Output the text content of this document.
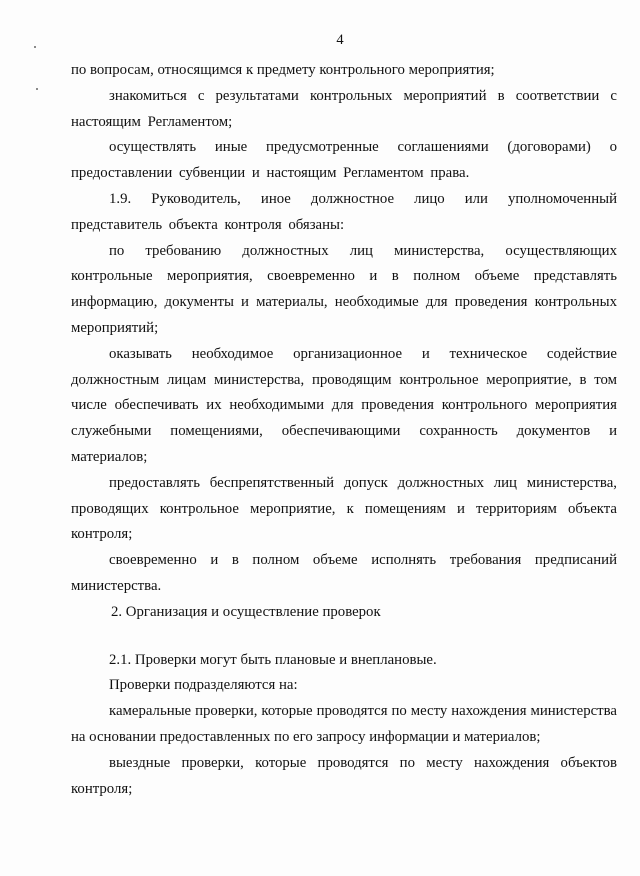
4

по вопросам, относящимся к предмету контрольного мероприятия;

знакомиться с результатами контрольных мероприятий в соответствии с настоящим Регламентом;

осуществлять иные предусмотренные соглашениями (договорами) о предоставлении субвенции и настоящим Регламентом права.

1.9. Руководитель, иное должностное лицо или уполномоченный представитель объекта контроля обязаны:

по требованию должностных лиц министерства, осуществляющих контрольные мероприятия, своевременно и в полном объеме представлять информацию, документы и материалы, необходимые для проведения контрольных мероприятий;

оказывать необходимое организационное и техническое содействие должностным лицам министерства, проводящим контрольное мероприятие, в том числе обеспечивать их необходимыми для проведения контрольного мероприятия служебными помещениями, обеспечивающими сохранность документов и материалов;

предоставлять беспрепятственный допуск должностных лиц министерства, проводящих контрольное мероприятие, к помещениям и территориям объекта контроля;

своевременно и в полном объеме исполнять требования предписаний министерства.

2. Организация и осуществление проверок

2.1. Проверки могут быть плановые и внеплановые.

Проверки подразделяются на:

камеральные проверки, которые проводятся по месту нахождения министерства на основании предоставленных по его запросу информации и материалов;

выездные проверки, которые проводятся по месту нахождения объектов контроля;
